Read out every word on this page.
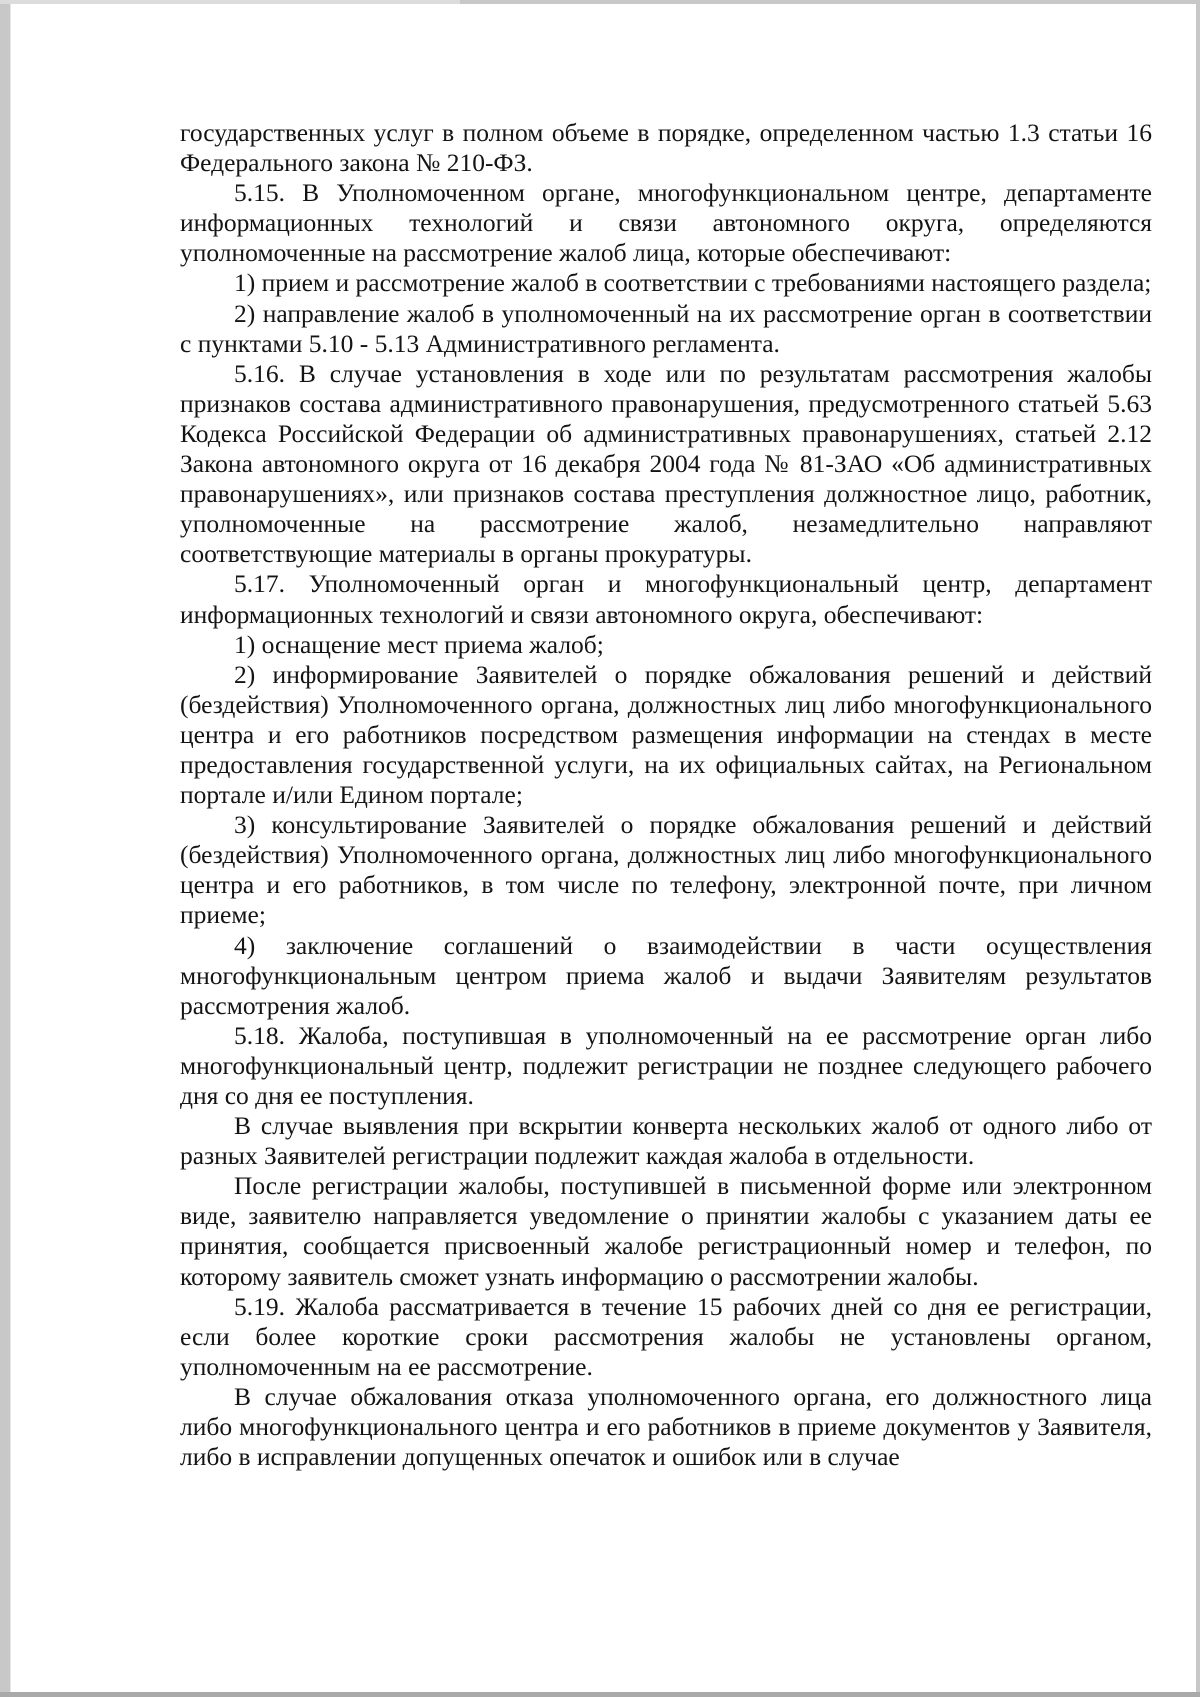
государственных услуг в полном объеме в порядке, определенном частью 1.3 статьи 16 Федерального закона № 210-ФЗ.

5.15. В Уполномоченном органе, многофункциональном центре, департаменте информационных технологий и связи автономного округа, определяются уполномоченные на рассмотрение жалоб лица, которые обеспечивают:

1) прием и рассмотрение жалоб в соответствии с требованиями настоящего раздела;

2) направление жалоб в уполномоченный на их рассмотрение орган в соответствии с пунктами 5.10 - 5.13 Административного регламента.

5.16. В случае установления в ходе или по результатам рассмотрения жалобы признаков состава административного правонарушения, предусмотренного статьей 5.63 Кодекса Российской Федерации об административных правонарушениях, статьей 2.12 Закона автономного округа от 16 декабря 2004 года № 81-ЗАО «Об административных правонарушениях», или признаков состава преступления должностное лицо, работник, уполномоченные на рассмотрение жалоб, незамедлительно направляют соответствующие материалы в органы прокуратуры.

5.17. Уполномоченный орган и многофункциональный центр, департамент информационных технологий и связи автономного округа, обеспечивают:

1) оснащение мест приема жалоб;

2) информирование Заявителей о порядке обжалования решений и действий (бездействия) Уполномоченного органа, должностных лиц либо многофункционального центра и его работников посредством размещения информации на стендах в месте предоставления государственной услуги, на их официальных сайтах, на Региональном портале и/или Едином портале;

3) консультирование Заявителей о порядке обжалования решений и действий (бездействия) Уполномоченного органа, должностных лиц либо многофункционального центра и его работников, в том числе по телефону, электронной почте, при личном приеме;

4) заключение соглашений о взаимодействии в части осуществления многофункциональным центром приема жалоб и выдачи Заявителям результатов рассмотрения жалоб.

5.18. Жалоба, поступившая в уполномоченный на ее рассмотрение орган либо многофункциональный центр, подлежит регистрации не позднее следующего рабочего дня со дня ее поступления.

В случае выявления при вскрытии конверта нескольких жалоб от одного либо от разных Заявителей регистрации подлежит каждая жалоба в отдельности.

После регистрации жалобы, поступившей в письменной форме или электронном виде, заявителю направляется уведомление о принятии жалобы с указанием даты ее принятия, сообщается присвоенный жалобе регистрационный номер и телефон, по которому заявитель сможет узнать информацию о рассмотрении жалобы.

5.19. Жалоба рассматривается в течение 15 рабочих дней со дня ее регистрации, если более короткие сроки рассмотрения жалобы не установлены органом, уполномоченным на ее рассмотрение.

В случае обжалования отказа уполномоченного органа, его должностного лица либо многофункционального центра и его работников в приеме документов у Заявителя, либо в исправлении допущенных опечаток и ошибок или в случае
